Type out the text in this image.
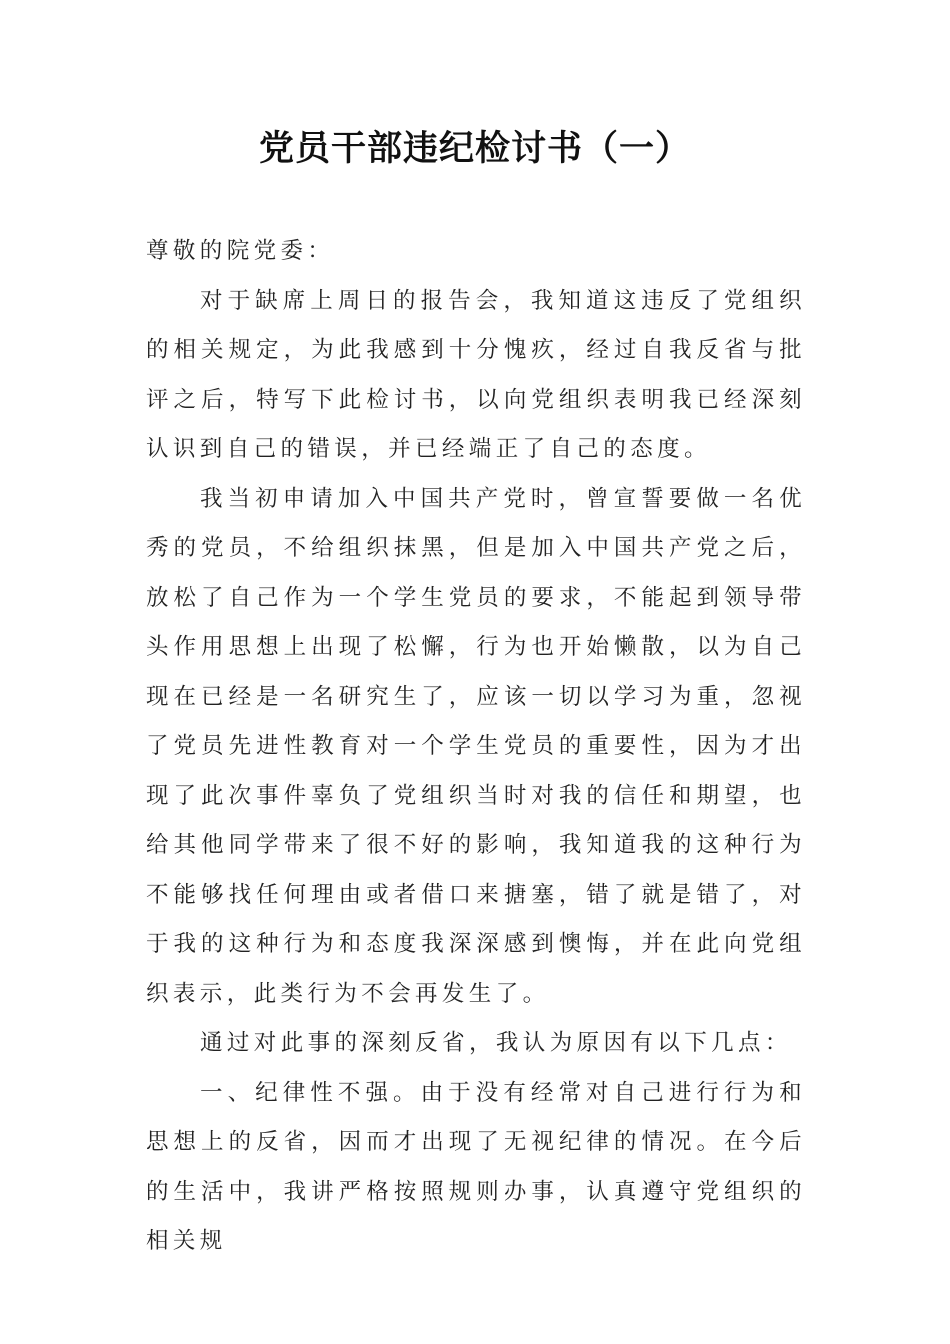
党员干部违纪检讨书（一）

尊敬的院党委：

对于缺席上周日的报告会，我知道这违反了党组织的相关规定，为此我感到十分愧疚，经过自我反省与批评之后，特写下此检讨书，以向党组织表明我已经深刻认识到自己的错误，并已经端正了自己的态度。

我当初申请加入中国共产党时，曾宣誓要做一名优秀的党员，不给组织抹黑，但是加入中国共产党之后，放松了自己作为一个学生党员的要求，不能起到领导带头作用思想上出现了松懈，行为也开始懒散，以为自己现在已经是一名研究生了，应该一切以学习为重，忽视了党员先进性教育对一个学生党员的重要性，因为才出现了此次事件辜负了党组织当时对我的信任和期望，也给其他同学带来了很不好的影响，我知道我的这种行为不能够找任何理由或者借口来搪塞，错了就是错了，对于我的这种行为和态度我深深感到懊悔，并在此向党组织表示，此类行为不会再发生了。

通过对此事的深刻反省，我认为原因有以下几点：

一、纪律性不强。由于没有经常对自己进行行为和思想上的反省，因而才出现了无视纪律的情况。在今后的生活中，我讲严格按照规则办事，认真遵守党组织的相关规
